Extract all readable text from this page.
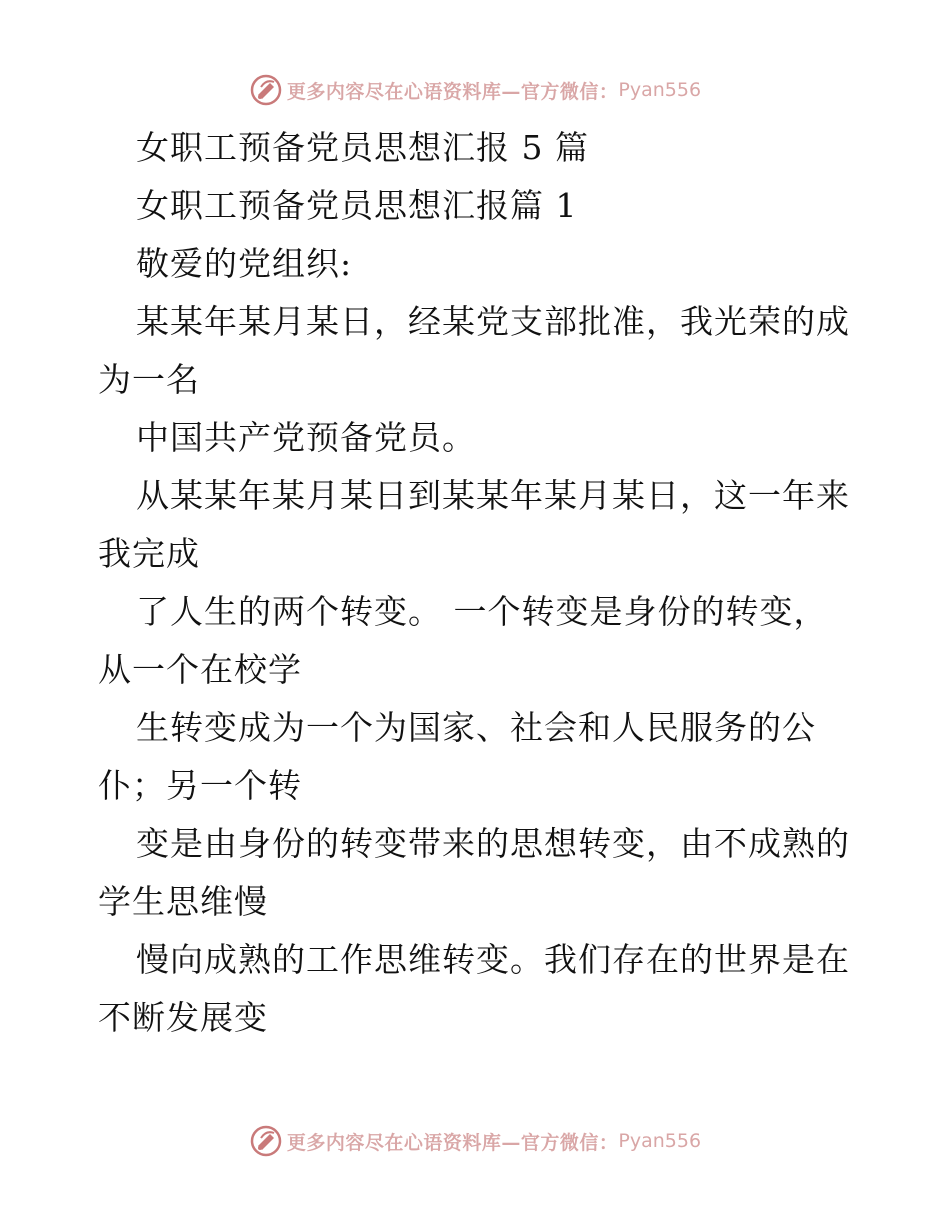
更多内容尽在心语资料库—官方微信： Pyan556
女职工预备党员思想汇报 5 篇
女职工预备党员思想汇报篇 1
敬爱的党组织:
某某年某月某日，经某党支部批准，我光荣的成
为一名
中国共产党预备党员。
从某某年某月某日到某某年某月某日，这一年来
我完成
了人生的两个转变。 一个转变是身份的转变，
从一个在校学
生转变成为一个为国家、社会和人民服务的公
仆；另一个转
变是由身份的转变带来的思想转变，由不成熟的
学生思维慢
慢向成熟的工作思维转变。我们存在的世界是在
不断发展变
更多内容尽在心语资料库—官方微信： Pyan556
